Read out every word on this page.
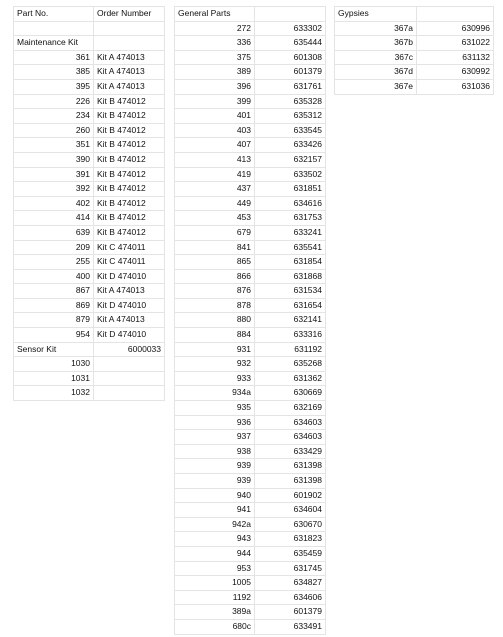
Part No.	Order Number

Maintenance Kit	
361	Kit A 474013
385	Kit A 474013
395	Kit A 474013
226	Kit B 474012
234	Kit B 474012
260	Kit B 474012
351	Kit B 474012
390	Kit B 474012
391	Kit B 474012
392	Kit B 474012
402	Kit B 474012
414	Kit B 474012
639	Kit B 474012
209	Kit C 474011
255	Kit C 474011
400	Kit D 474010
867	Kit A 474013
869	Kit D 474010
879	Kit A 474013
954	Kit D 474010
Sensor Kit	6000033
1030	
1031	
1032	
General Parts	
272	633302
336	635444
375	601308
389	601379
396	631761
399	635328
401	635312
403	633545
407	633426
413	632157
419	633502
437	631851
449	634616
453	631753
679	633241
841	635541
865	631854
866	631868
876	631534
878	631654
880	632141
884	633316
931	631192
932	635268
933	631362
934a	630669
935	632169
936	634603
937	634603
938	633429
939	631398
939	631398
940	601902
941	634604
942a	630670
943	631823
944	635459
953	631745
1005	634827
1192	634606
389a	601379
680c	633491
Gypsies	
367a	630996
367b	631022
367c	631132
367d	630992
367e	631036
